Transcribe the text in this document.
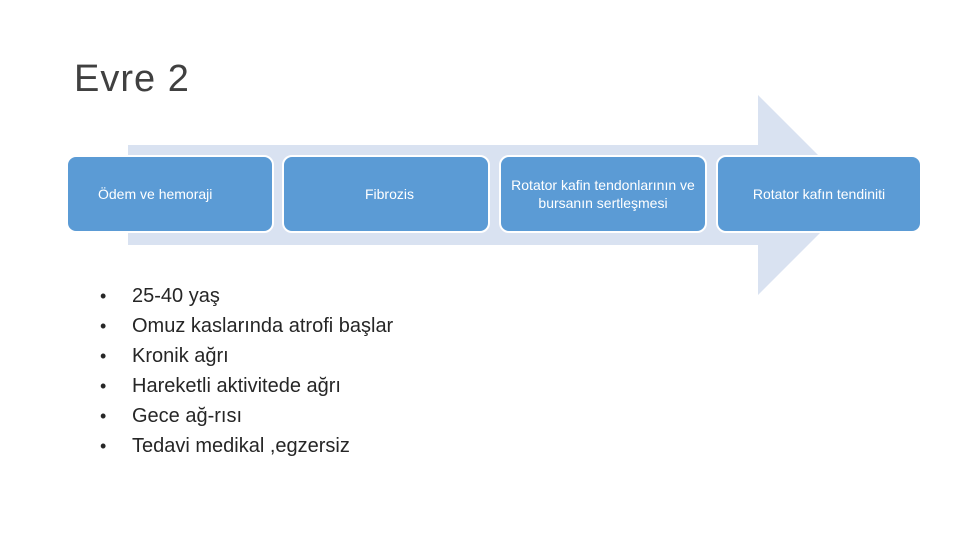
Evre 2
Ödem ve hemoraji	Fibrozis
Rotator kafin tendonlarının ve bursanın sertleşmesi
Rotator kafın tendiniti
• 25-40 yaş
• Omuz kaslarında atrofi başlar
• Kronik ağrı
• Hareketli aktivitede ağrı
• Gece ağ-rısı
• Tedavi medikal ,egzersiz
